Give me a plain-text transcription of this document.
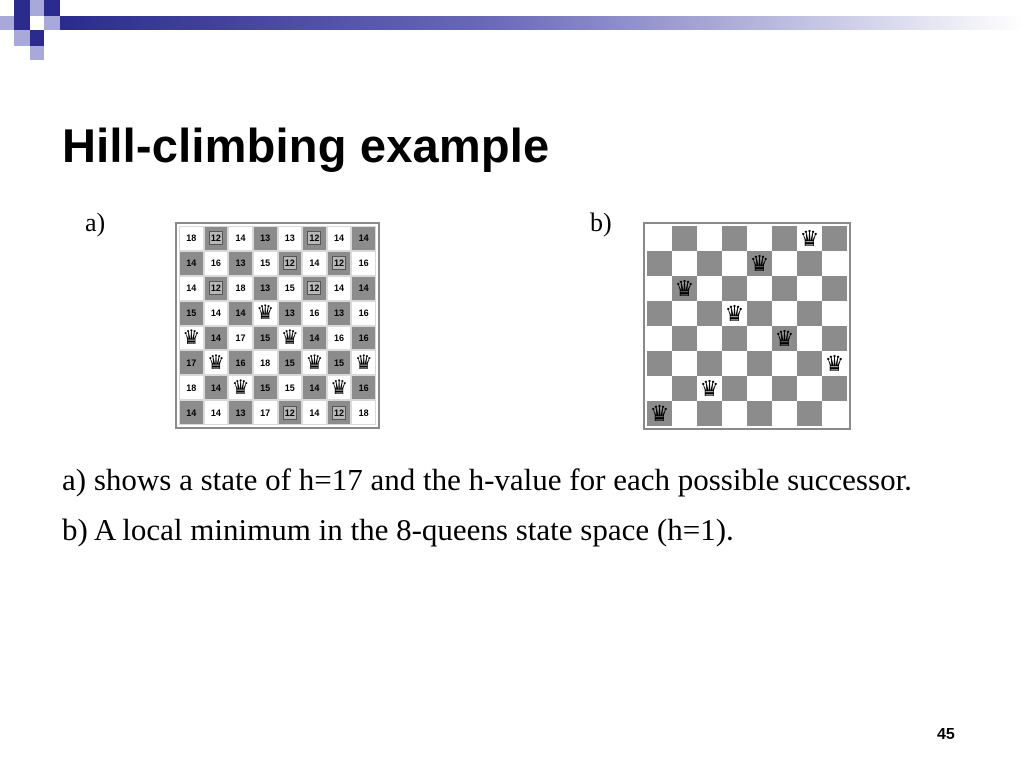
Hill-climbing example
a)	b)
18 12 14 13 13 12 14 14
14 16 13 15 12 14 12 16
14 12 18 13 15 12 14 14
15 14 14 ♛ 13 16 13 16
♛ 14 17 15 ♛ 14 16 16
17 ♛ 16 18 15 ♛ 15 ♛
18 14 ♛ 15 15 14 ♛ 16
14 14 13 17 12 14 12 18
♛
♛
♛
♛
♛
♛
♛
♛
a) shows a state of h=17 and the h-value for each possible successor.
b) A local minimum in the 8-queens state space (h=1).
45
